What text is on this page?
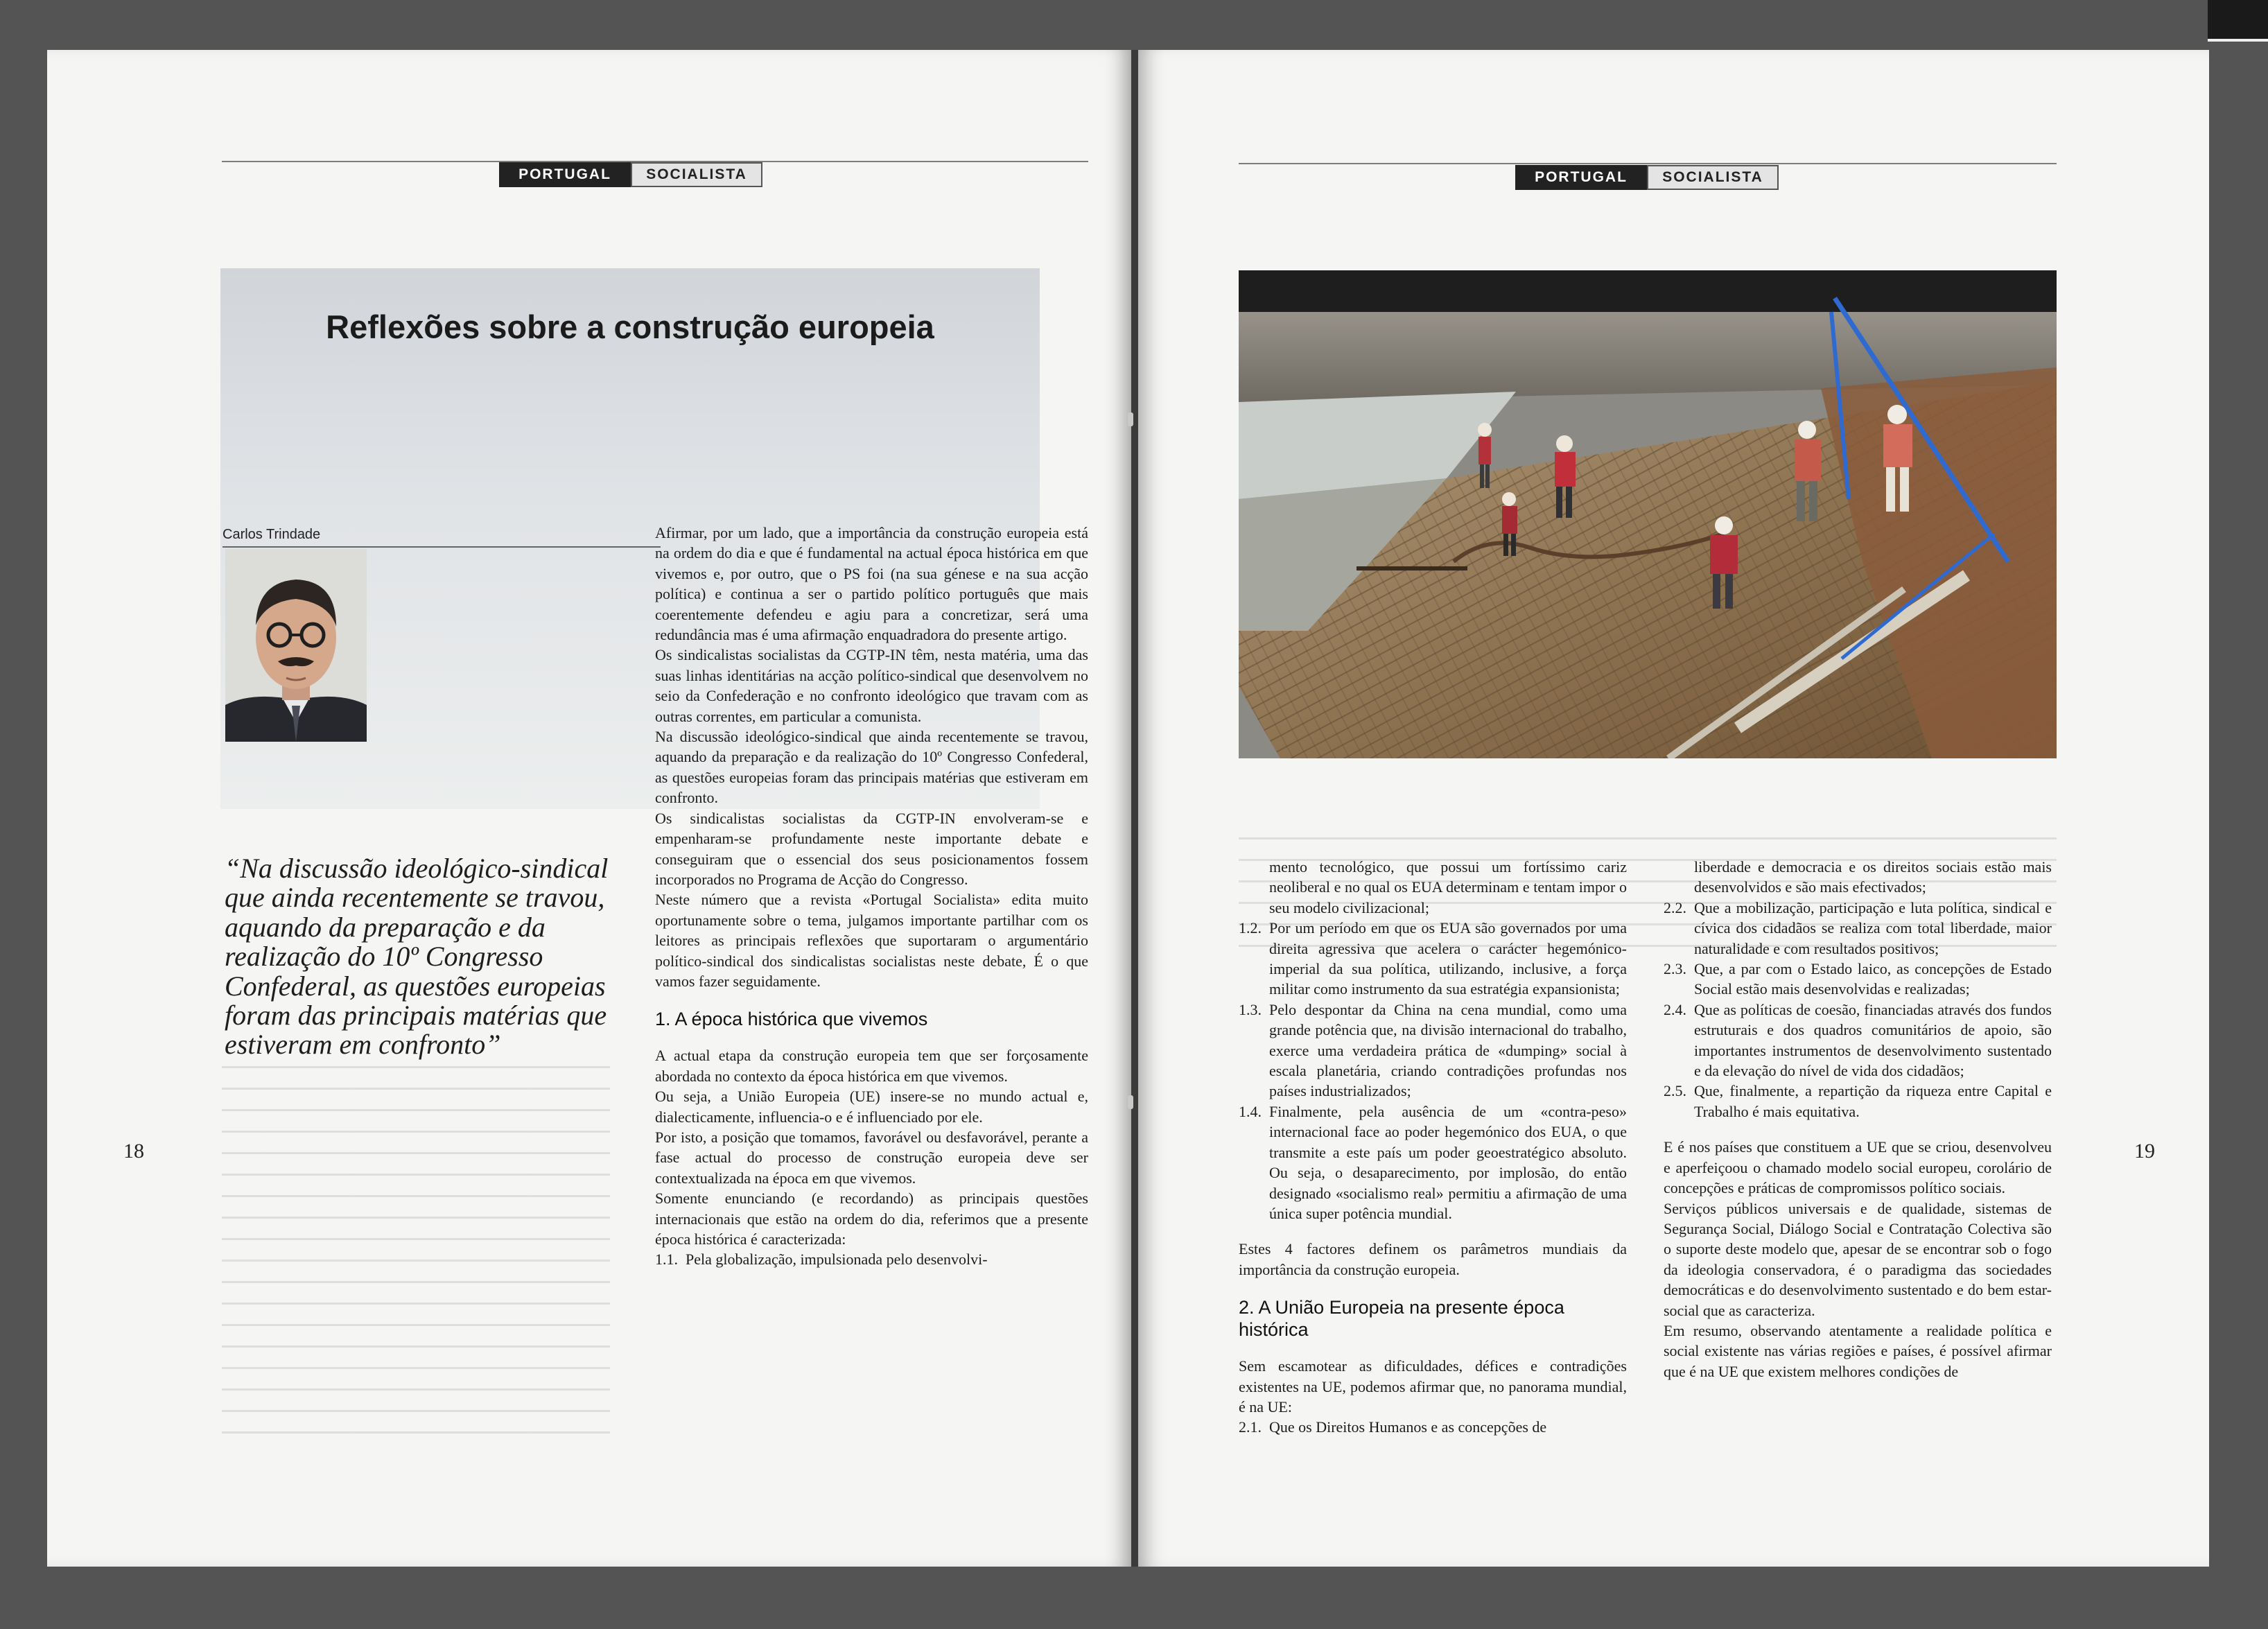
PORTUGAL	SOCIALISTA
Reflexões sobre a construção europeia
Carlos Trindade
“Na discussão ideológico-sindical que ainda recentemente se travou, aquando da preparação e da realização do 10º Congresso Confederal, as questões europeias foram das principais matérias que estiveram em confronto”
18
Afirmar, por um lado, que a importância da construção europeia está na ordem do dia e que é fundamental na actual época histórica em que vivemos e, por outro, que o PS foi (na sua génese e na sua acção política) e continua a ser o partido político português que mais coerentemente defendeu e agiu para a concretizar, será uma redundância mas é uma afirmação enquadradora do presente artigo.
Os sindicalistas socialistas da CGTP-IN têm, nesta matéria, uma das suas linhas identitárias na acção político-sindical que desenvolvem no seio da Confederação e no confronto ideológico que travam com as outras correntes, em particular a comunista.
Na discussão ideológico-sindical que ainda recentemente se travou, aquando da preparação e da realização do 10º Congresso Confederal, as questões europeias foram das principais matérias que estiveram em confronto.
Os sindicalistas socialistas da CGTP-IN envolveram-se e empenharam-se profundamente neste importante debate e conseguiram que o essencial dos seus posicionamentos fossem incorporados no Programa de Acção do Congresso.
Neste número que a revista «Portugal Socialista» edita muito oportunamente sobre o tema, julgamos importante partilhar com os leitores as principais reflexões que suportaram o argumentário político-sindical dos sindicalistas socialistas neste debate, É o que vamos fazer seguidamente.
1. A época histórica que vivemos
A actual etapa da construção europeia tem que ser forçosamente abordada no contexto da época histórica em que vivemos.
Ou seja, a União Europeia (UE) insere-se no mundo actual e, dialecticamente, influencia-o e é influenciado por ele.
Por isto, a posição que tomamos, favorável ou desfavorável, perante a fase actual do processo de construção europeia deve ser contextualizada na época em que vivemos.
Somente enunciando (e recordando) as principais questões internacionais que estão na ordem do dia, referimos que a presente época histórica é caracterizada:
1.1. Pela globalização, impulsionada pelo desenvolvi-
PORTUGAL	SOCIALISTA
19
mento tecnológico, que possui um fortíssimo cariz neoliberal e no qual os EUA determinam e tentam impor o seu modelo civilizacional;
1.2. Por um período em que os EUA são governados por uma direita agressiva que acelera o carácter hegemónico-imperial da sua política, utilizando, inclusive, a força militar como instrumento da sua estratégia expansionista;
1.3. Pelo despontar da China na cena mundial, como uma grande potência que, na divisão internacional do trabalho, exerce uma verdadeira prática de «dumping» social à escala planetária, criando contradições profundas nos países industrializados;
1.4. Finalmente, pela ausência de um «contra-peso» internacional face ao poder hegemónico dos EUA, o que transmite a este país um poder geoestratégico absoluto. Ou seja, o desaparecimento, por implosão, do então designado «socialismo real» permitiu a afirmação de uma única super potência mundial.
Estes 4 factores definem os parâmetros mundiais da importância da construção europeia.
2. A União Europeia na presente época histórica
Sem escamotear as dificuldades, défices e contradições existentes na UE, podemos afirmar que, no panorama mundial, é na UE:
2.1. Que os Direitos Humanos e as concepções de
liberdade e democracia e os direitos sociais estão mais desenvolvidos e são mais efectivados;
2.2. Que a mobilização, participação e luta política, sindical e cívica dos cidadãos se realiza com total liberdade, maior naturalidade e com resultados positivos;
2.3. Que, a par com o Estado laico, as concepções de Estado Social estão mais desenvolvidas e realizadas;
2.4. Que as políticas de coesão, financiadas através dos fundos estruturais e dos quadros comunitários de apoio, são importantes instrumentos de desenvolvimento sustentado e da elevação do nível de vida dos cidadãos;
2.5. Que, finalmente, a repartição da riqueza entre Capital e Trabalho é mais equitativa.
E é nos países que constituem a UE que se criou, desenvolveu e aperfeiçoou o chamado modelo social europeu, corolário de concepções e práticas de compromissos político sociais.
Serviços públicos universais e de qualidade, sistemas de Segurança Social, Diálogo Social e Contratação Colectiva são o suporte deste modelo que, apesar de se encontrar sob o fogo da ideologia conservadora, é o paradigma das sociedades democráticas e do desenvolvimento sustentado e do bem estar-social que as caracteriza.
Em resumo, observando atentamente a realidade política e social existente nas várias regiões e países, é possível afirmar que é na UE que existem melhores condições de
